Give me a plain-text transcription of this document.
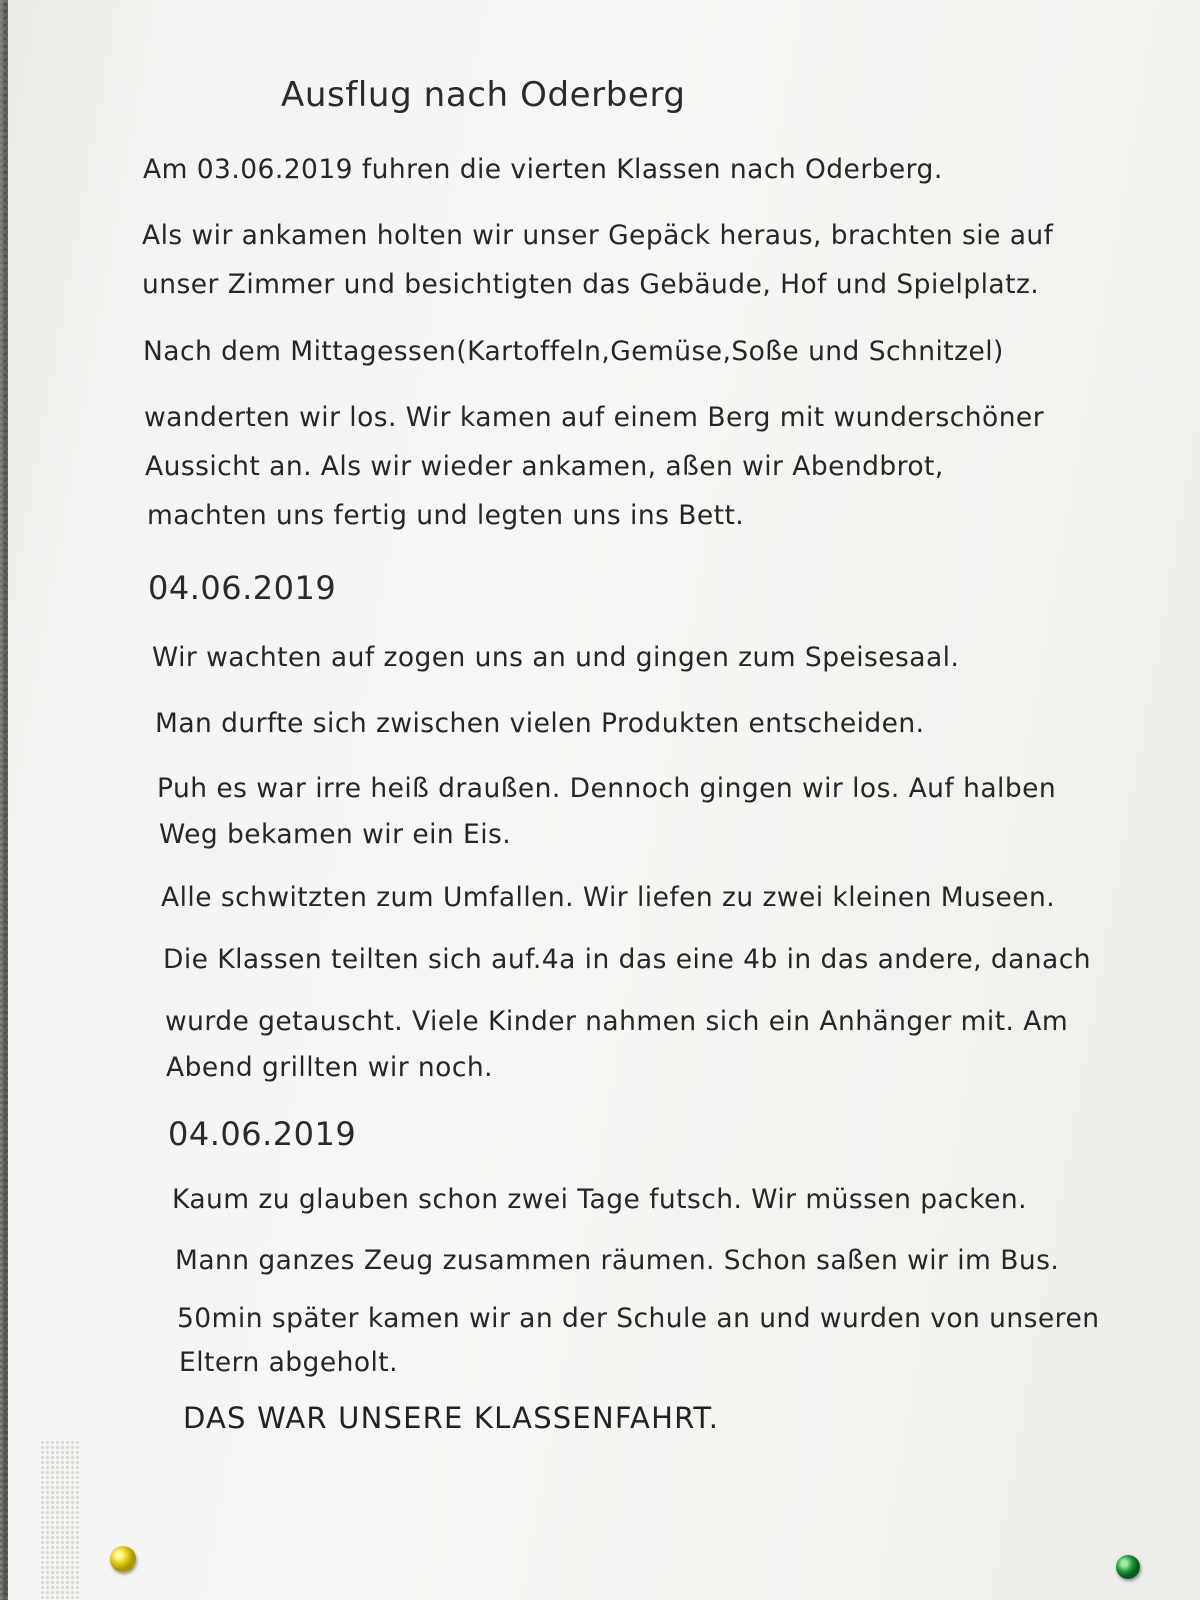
Ausflug nach Oderberg
Am 03.06.2019 fuhren die vierten Klassen nach Oderberg.
Als wir ankamen holten wir unser Gepäck heraus, brachten sie auf
unser Zimmer und besichtigten das Gebäude, Hof und Spielplatz.
Nach dem Mittagessen(Kartoffeln,Gemüse,Soße und Schnitzel)
wanderten wir los. Wir kamen auf einem Berg mit wunderschöner
Aussicht an. Als wir wieder ankamen, aßen wir Abendbrot,
machten uns fertig und legten uns ins Bett.
04.06.2019
Wir wachten auf zogen uns an und gingen zum Speisesaal.
Man durfte sich zwischen vielen Produkten entscheiden.
Puh es war irre heiß draußen. Dennoch gingen wir los. Auf halben
Weg bekamen wir ein Eis.
Alle schwitzten zum Umfallen. Wir liefen zu zwei kleinen Museen.
Die Klassen teilten sich auf.4a in das eine 4b in das andere, danach
wurde getauscht. Viele Kinder nahmen sich ein Anhänger mit. Am
Abend grillten wir noch.
04.06.2019
Kaum zu glauben schon zwei Tage futsch. Wir müssen packen.
Mann ganzes Zeug zusammen räumen. Schon saßen wir im Bus.
50min später kamen wir an der Schule an und wurden von unseren
Eltern abgeholt.
DAS WAR UNSERE KLASSENFAHRT.
